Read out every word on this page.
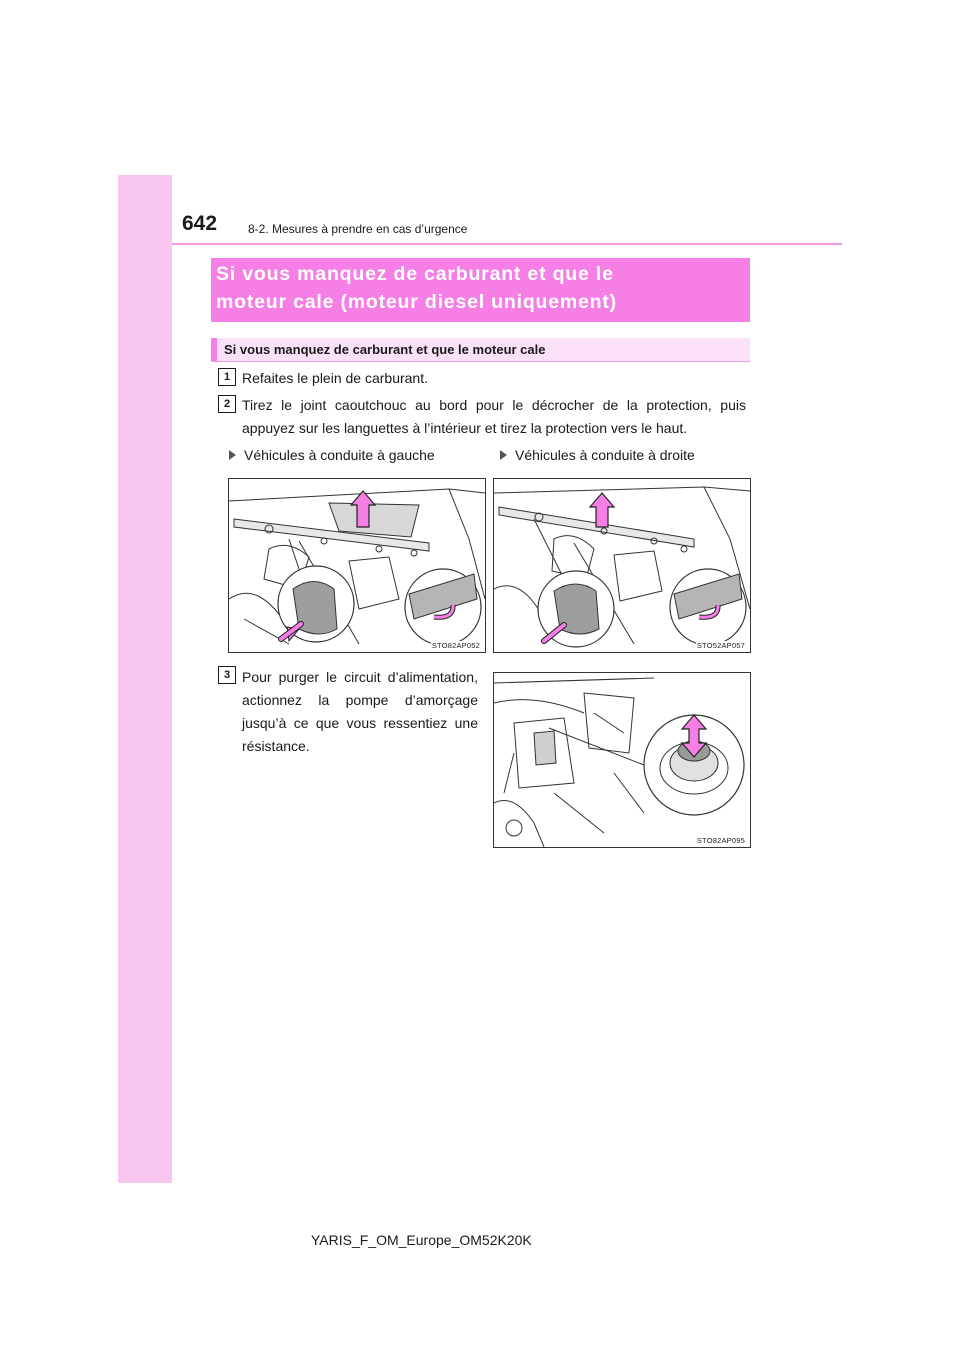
642	8-2. Mesures à prendre en cas d’urgence
Si vous manquez de carburant et que le
moteur cale (moteur diesel uniquement)
Si vous manquez de carburant et que le moteur cale
1 Refaites le plein de carburant.
2 Tirez le joint caoutchouc au bord pour le décrocher de la protection, puis appuyez sur les languettes à l’intérieur et tirez la protection vers le haut.
Véhicules à conduite à gauche	Véhicules à conduite à droite
STO82AP052	STO52AP057
3 Pour purger le circuit d’alimentation, actionnez la pompe d’amorçage jusqu’à ce que vous ressentiez une résistance.
STO82AP095
YARIS_F_OM_Europe_OM52K20K
